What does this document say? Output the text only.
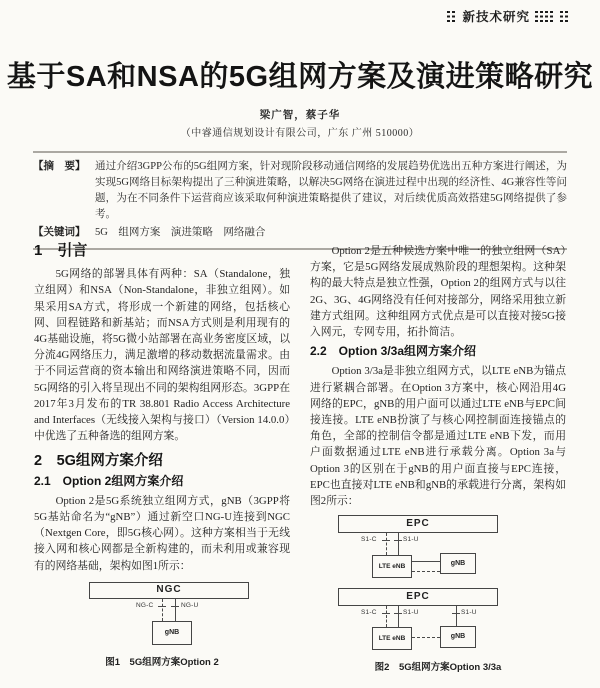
新技术研究
基于SA和NSA的5G组网方案及演进策略研究
梁广智，蔡子华
（中睿通信规划设计有限公司，广东 广州 510000）
【摘　要】 通过介绍3GPP公布的5G组网方案，针对现阶段移动通信网络的发展趋势优选出五种方案进行阐述，为实现5G网络目标架构提出了三种演进策略，以解决5G网络在演进过程中出现的经济性、4G兼容性等问题，为在不同条件下运营商应该采取何种演进策略提供了建议，对后续优质高效搭建5G网络提供了参考。
【关键词】 5G　组网方案　演进策略　网络融合
1　引言

5G网络的部署具体有两种：SA（Standalone，独立组网）和NSA（Non-Standalone，非独立组网）。如果采用SA方式，将形成一个新建的网络，包括核心网、回程链路和新基站；而NSA方式则是利用现有的4G基础设施，将5G微小站部署在高业务密度区域，以分流4G网络压力，满足激增的移动数据流量需求。由于不同运营商的资本输出和网络演进策略不同，因而5G网络的引入将呈现出不同的架构组网形态。3GPP在2017年3月发布的TR 38.801 Radio Access Architecture and Interfaces（无线接入架构与接口）（Version 14.0.0）中优选了五种备选的组网方案。

2　5G组网方案介绍
2.1　Option 2组网方案介绍

Option 2是5G系统独立组网方式，gNB（3GPP将5G基站命名为“gNB”）通过新空口NG-U连接到NGC（Nextgen Core，即5G核心网）。这种方案相当于无线接入网和核心网都是全新构建的，而未利用或兼容现有的网络基础，架构如图1所示：

NGC
NG-C	NG-U
gNB
图1　5G组网方案Option 2

Option 2是五种候选方案中唯一的独立组网（SA）方案，它是5G网络发展成熟阶段的理想架构。这种架构的最大特点是独立性强，Option 2的组网方式与以往2G、3G、4G网络没有任何对接部分，网络采用独立新建方式组网。这种组网方式优点是可以直接对接5G接入网元，专网专用，拓扑简洁。

2.2　Option 3/3a组网方案介绍

Option 3/3a是非独立组网方式，以LTE eNB为锚点进行紧耦合部署。在Option 3方案中，核心网沿用4G网络的EPC，gNB的用户面可以通过LTE eNB与EPC间接连接。LTE eNB扮演了与核心网控制面连接锚点的角色，全部的控制信令都是通过LTE eNB下发，而用户面数据通过LTE eNB进行承载分离。Option 3a与Option 3的区别在于gNB的用户面直接与EPC连接，EPC也直接对LTE eNB和gNB的承载进行分离，架构如图2所示：

EPC
S1-C	S1-U
LTE eNB	gNB
EPC
S1-C	S1-U	S1-U
LTE eNB	gNB
图2　5G组网方案Option 3/3a
